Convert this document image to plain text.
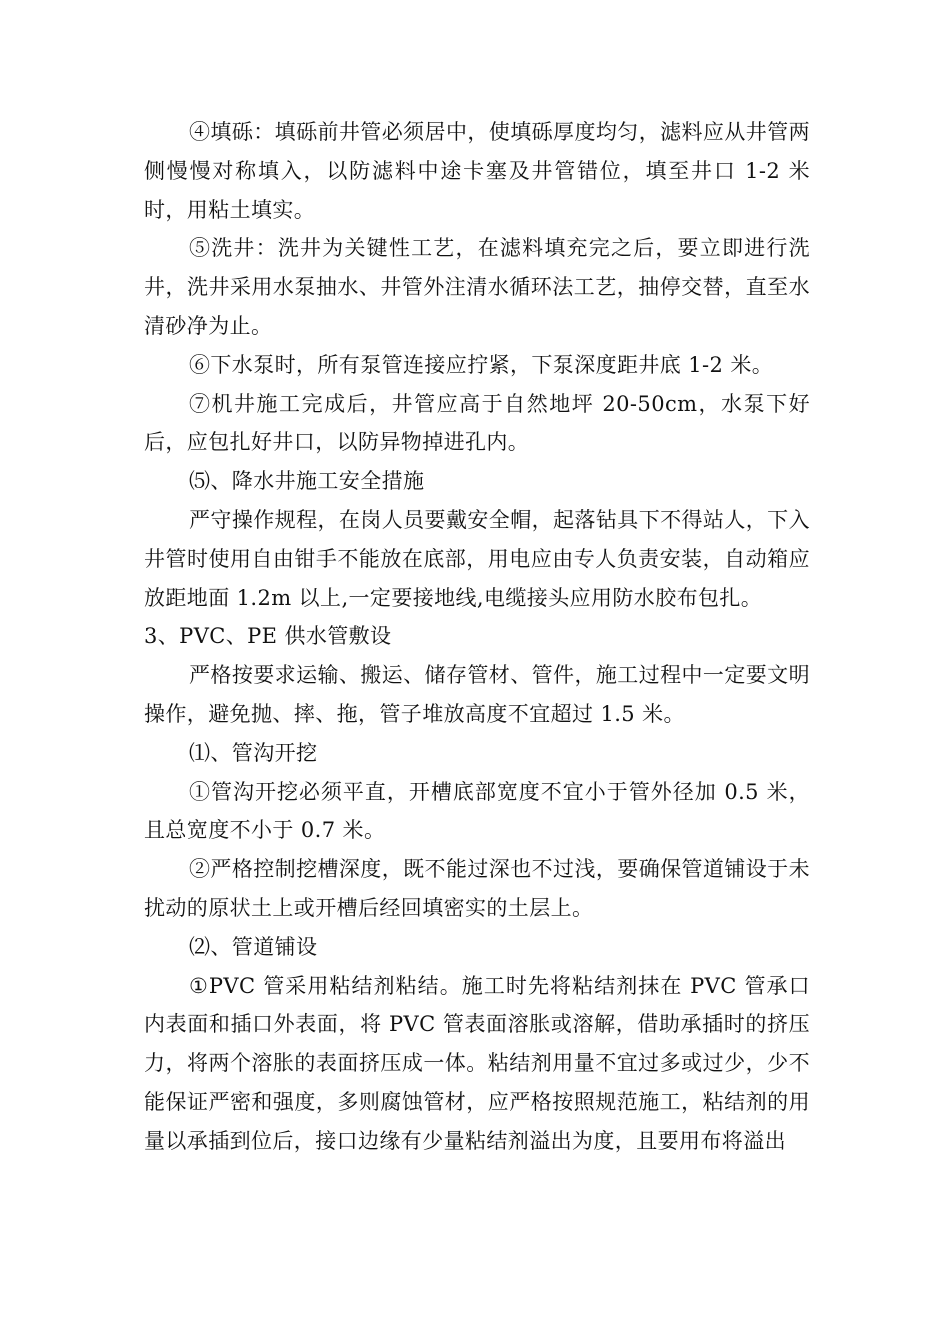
④填砾：填砾前井管必须居中，使填砾厚度均匀，滤料应从井管两侧慢慢对称填入，以防滤料中途卡塞及井管错位，填至井口 1-2 米时，用粘土填实。

⑤洗井：洗井为关键性工艺，在滤料填充完之后，要立即进行洗井，洗井采用水泵抽水、井管外注清水循环法工艺，抽停交替，直至水清砂净为止。

⑥下水泵时，所有泵管连接应拧紧，下泵深度距井底 1-2 米。

⑦机井施工完成后，井管应高于自然地坪 20-50cm，水泵下好后，应包扎好井口，以防异物掉进孔内。

⑸、降水井施工安全措施

严守操作规程，在岗人员要戴安全帽，起落钻具下不得站人，下入井管时使用自由钳手不能放在底部，用电应由专人负责安装，自动箱应放距地面 1.2m 以上,一定要接地线,电缆接头应用防水胶布包扎。

3、PVC、PE 供水管敷设

严格按要求运输、搬运、储存管材、管件，施工过程中一定要文明操作，避免抛、摔、拖，管子堆放高度不宜超过 1.5 米。

⑴、管沟开挖

①管沟开挖必须平直，开槽底部宽度不宜小于管外径加 0.5 米，且总宽度不小于 0.7 米。

②严格控制挖槽深度，既不能过深也不过浅，要确保管道铺设于未扰动的原状土上或开槽后经回填密实的土层上。

⑵、管道铺设

①PVC 管采用粘结剂粘结。施工时先将粘结剂抹在 PVC 管承口内表面和插口外表面，将 PVC 管表面溶胀或溶解，借助承插时的挤压力，将两个溶胀的表面挤压成一体。粘结剂用量不宜过多或过少，少不能保证严密和强度，多则腐蚀管材，应严格按照规范施工，粘结剂的用量以承插到位后，接口边缘有少量粘结剂溢出为度，且要用布将溢出
